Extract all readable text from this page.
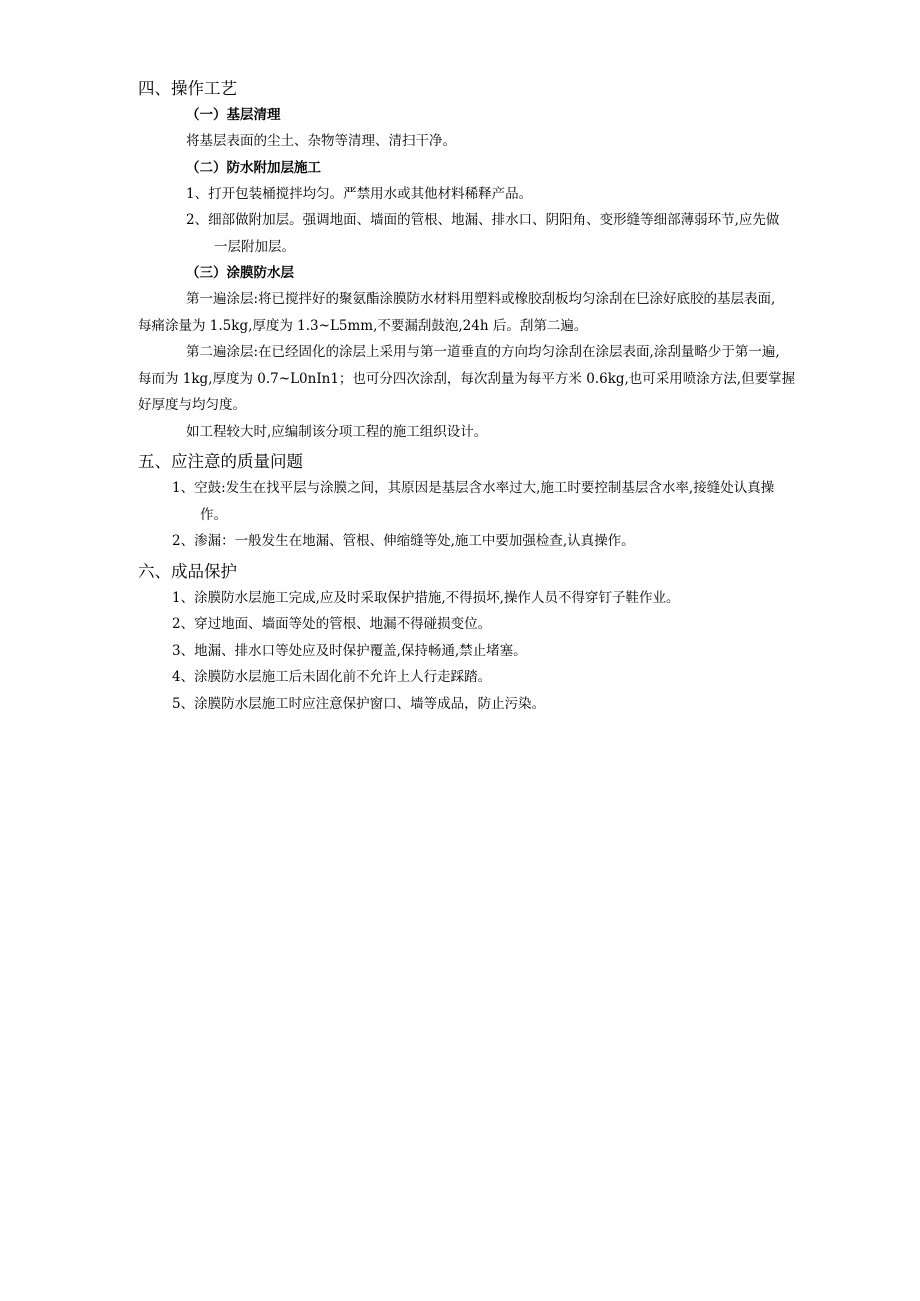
四、操作工艺
（一）基层清理
将基层表面的尘土、杂物等清理、清扫干净。
（二）防水附加层施工
1、打开包装桶搅拌均匀。严禁用水或其他材料稀释产品。
2、细部做附加层。强调地面、墙面的管根、地漏、排水口、阴阳角、变形缝等细部薄弱环节,应先做
一层附加层。
（三）涂膜防水层
第一遍涂层:将已搅拌好的聚氨酯涂膜防水材料用塑料或橡胶刮板均匀涂刮在巳涂好底胶的基层表面,
每痛涂量为 1.5kg,厚度为 1.3~L5mm,不要漏刮鼓泡,24h 后。刮第二遍。
第二遍涂层:在已经固化的涂层上采用与第一道垂直的方向均匀涂刮在涂层表面,涂刮量略少于第一遍,
每而为 1kg,厚度为 0.7~L0nIn1；也可分四次涂刮，每次刮量为每平方米 0.6kg,也可采用喷涂方法,但要掌握
好厚度与均匀度。
如工程较大时,应编制该分项工程的施工组织设计。
五、应注意的质量问题
1、空鼓:发生在找平层与涂膜之间，其原因是基层含水率过大,施工时要控制基层含水率,接缝处认真操
作。
2、渗漏：一般发生在地漏、管根、伸缩缝等处,施工中要加强检查,认真操作。
六、成品保护
1、涂膜防水层施工完成,应及时采取保护措施,不得损坏,操作人员不得穿钉子鞋作业。
2、穿过地面、墙面等处的管根、地漏不得碰损变位。
3、地漏、排水口等处应及时保护覆盖,保持畅通,禁止堵塞。
4、涂膜防水层施工后未固化前不允许上人行走踩踏。
5、涂膜防水层施工时应注意保护窗口、墙等成品，防止污染。
